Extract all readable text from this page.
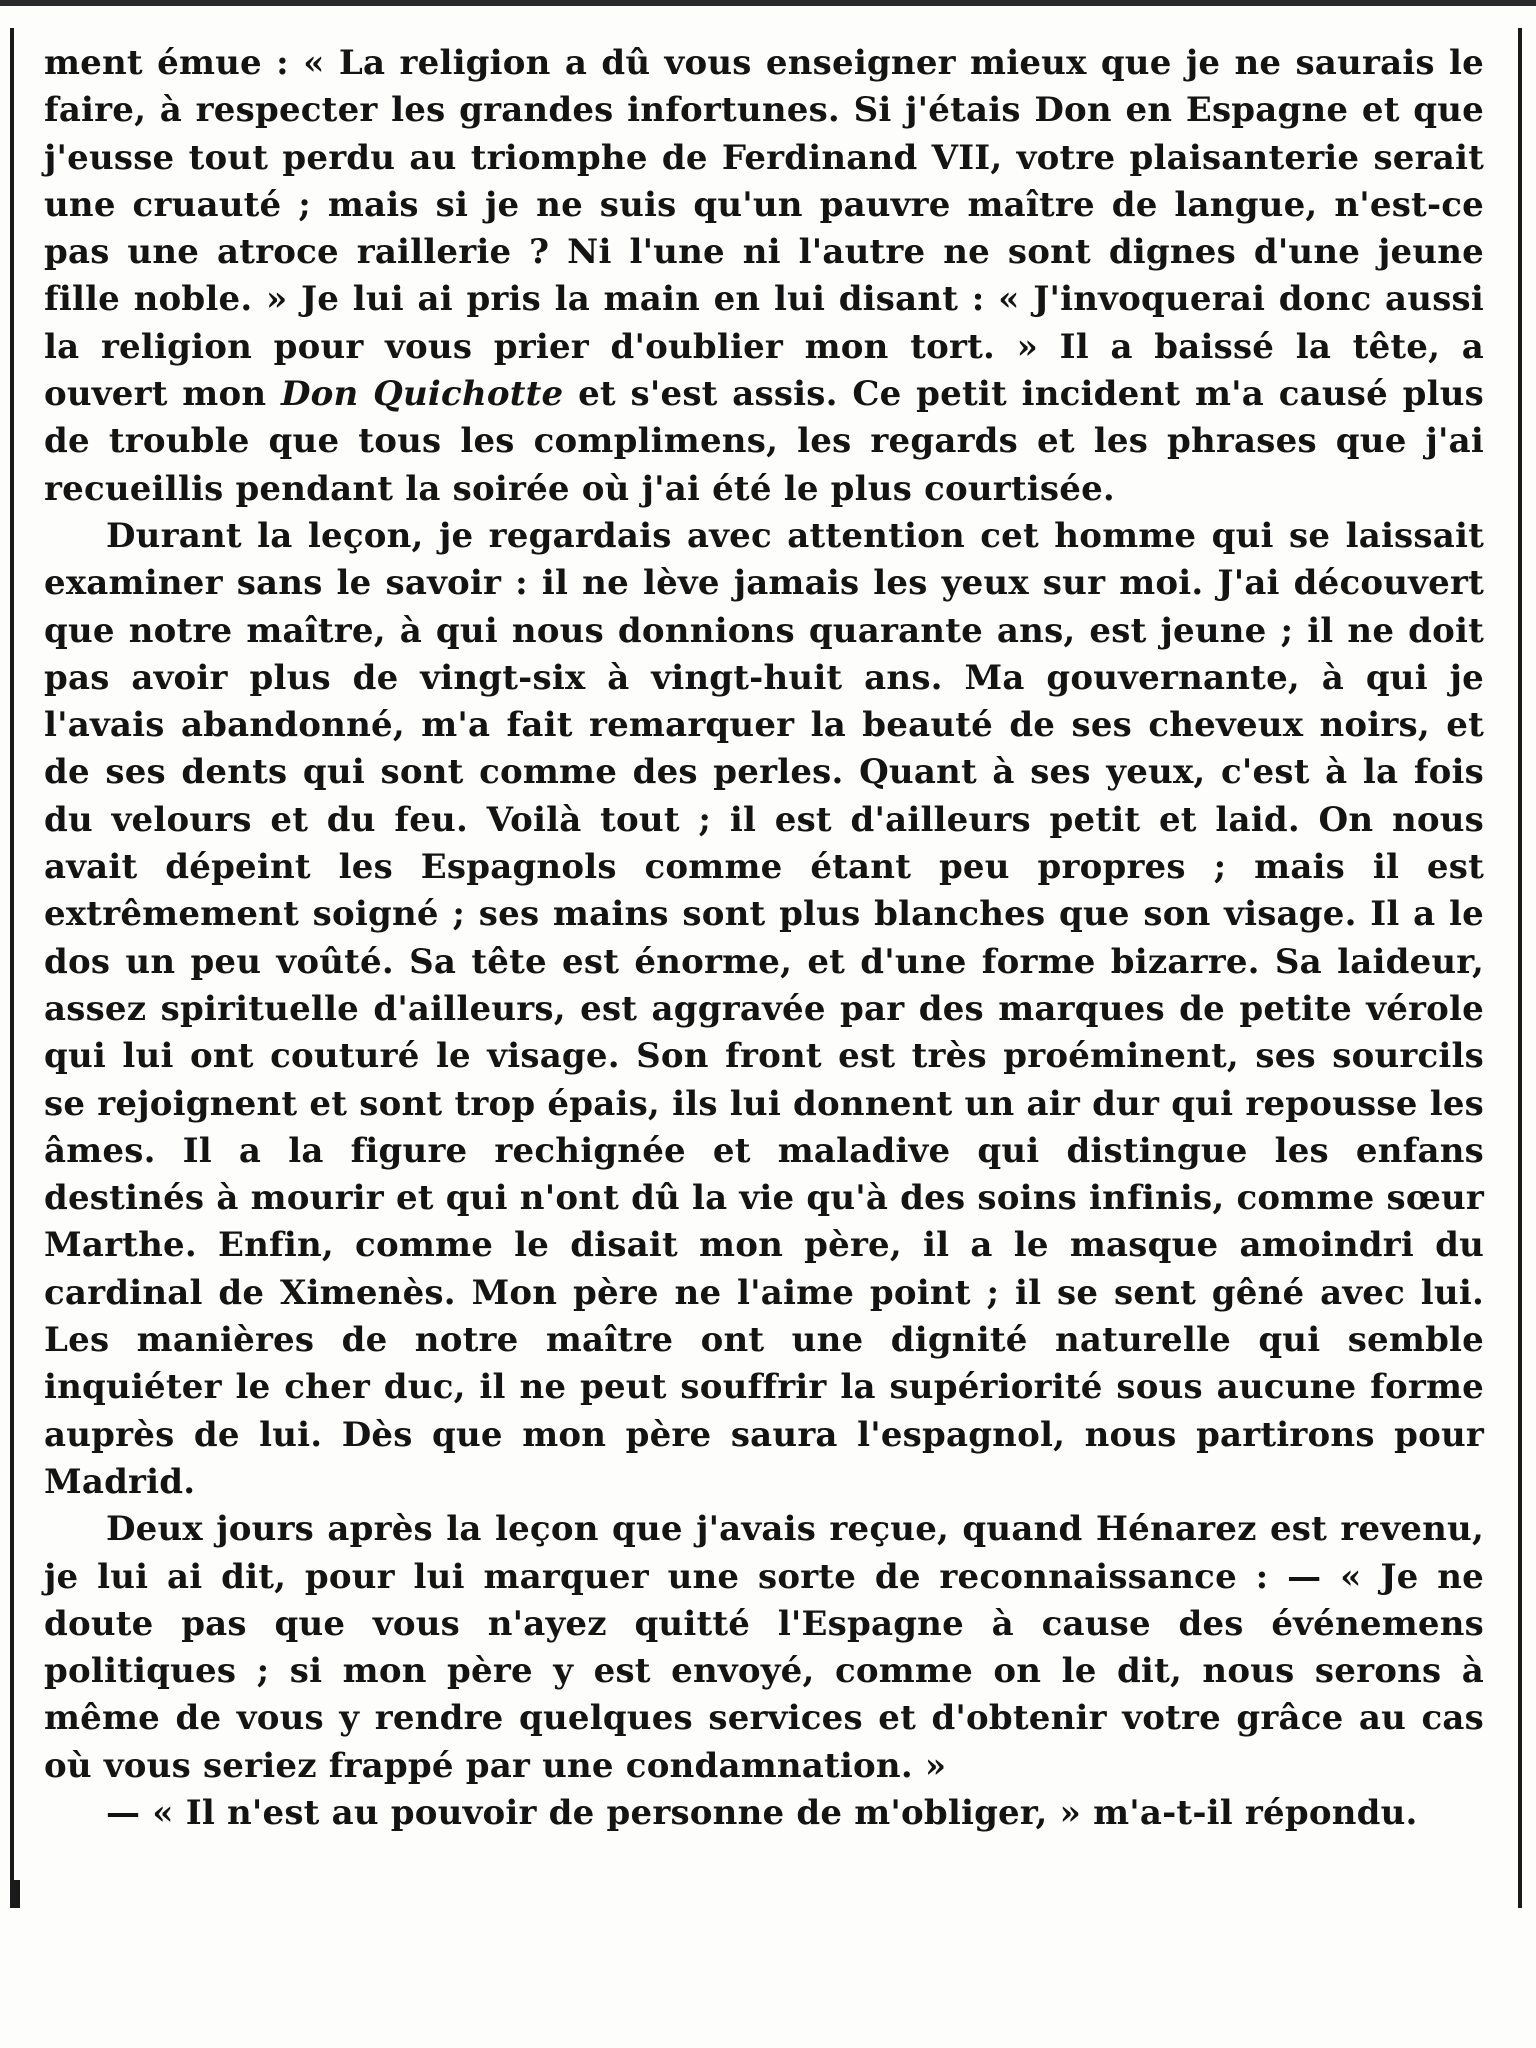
ment émue : « La religion a dû vous enseigner mieux que je ne saurais le faire, à respecter les grandes infortunes. Si j'étais Don en Espagne et que j'eusse tout perdu au triomphe de Ferdinand VII, votre plaisanterie serait une cruauté ; mais si je ne suis qu'un pauvre maître de langue, n'est-ce pas une atroce raillerie ? Ni l'une ni l'autre ne sont dignes d'une jeune fille noble. » Je lui ai pris la main en lui disant : « J'invoquerai donc aussi la religion pour vous prier d'oublier mon tort. » Il a baissé la tête, a ouvert mon Don Quichotte et s'est assis. Ce petit incident m'a causé plus de trouble que tous les complimens, les regards et les phrases que j'ai recueillis pendant la soirée où j'ai été le plus courtisée.

Durant la leçon, je regardais avec attention cet homme qui se laissait examiner sans le savoir : il ne lève jamais les yeux sur moi. J'ai découvert que notre maître, à qui nous donnions quarante ans, est jeune ; il ne doit pas avoir plus de vingt-six à vingt-huit ans. Ma gouvernante, à qui je l'avais abandonné, m'a fait remarquer la beauté de ses cheveux noirs, et de ses dents qui sont comme des perles. Quant à ses yeux, c'est à la fois du velours et du feu. Voilà tout ; il est d'ailleurs petit et laid. On nous avait dépeint les Espagnols comme étant peu propres ; mais il est extrêmement soigné ; ses mains sont plus blanches que son visage. Il a le dos un peu voûté. Sa tête est énorme, et d'une forme bizarre. Sa laideur, assez spirituelle d'ailleurs, est aggravée par des marques de petite vérole qui lui ont couturé le visage. Son front est très proéminent, ses sourcils se rejoignent et sont trop épais, ils lui donnent un air dur qui repousse les âmes. Il a la figure rechignée et maladive qui distingue les enfans destinés à mourir et qui n'ont dû la vie qu'à des soins infinis, comme sœur Marthe. Enfin, comme le disait mon père, il a le masque amoindri du cardinal de Ximenès. Mon père ne l'aime point ; il se sent gêné avec lui. Les manières de notre maître ont une dignité naturelle qui semble inquiéter le cher duc, il ne peut souffrir la supériorité sous aucune forme auprès de lui. Dès que mon père saura l'espagnol, nous partirons pour Madrid.

Deux jours après la leçon que j'avais reçue, quand Hénarez est revenu, je lui ai dit, pour lui marquer une sorte de reconnaissance : — « Je ne doute pas que vous n'ayez quitté l'Espagne à cause des événemens politiques ; si mon père y est envoyé, comme on le dit, nous serons à même de vous y rendre quelques services et d'obtenir votre grâce au cas où vous seriez frappé par une condamnation. »

— « Il n'est au pouvoir de personne de m'obliger, » m'a-t-il répondu.
